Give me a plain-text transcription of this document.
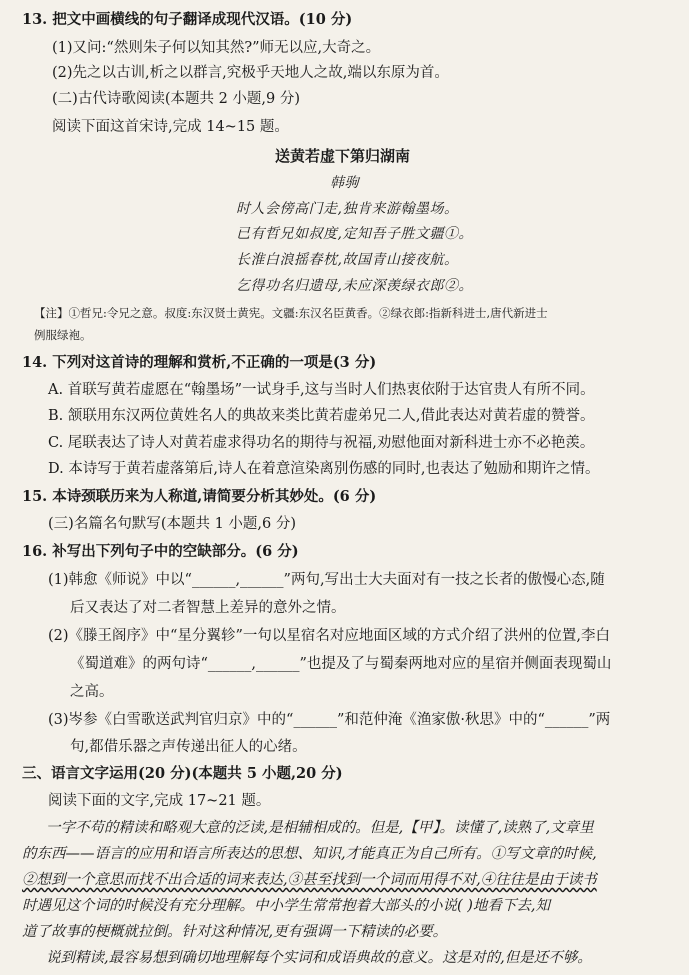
13. 把文中画横线的句子翻译成现代汉语。(10 分)
(1)又问:“然则朱子何以知其然?”师无以应,大奇之。
(2)先之以古训,析之以群言,究极乎天地人之故,端以东原为首。
(二)古代诗歌阅读(本题共 2 小题,9 分)
阅读下面这首宋诗,完成 14~15 题。
送黄若虚下第归湖南
韩驹
时人会傍高门走,独肯来游翰墨场。
已有哲兄如叔度,定知吾子胜文疆①。
长淮白浪摇春枕,故国青山接夜航。
乞得功名归遗母,未应深羡绿衣郎②。
【注】①哲兄:令兄之意。叔度:东汉贤士黄宪。文疆:东汉名臣黄香。②绿衣郎:指新科进士,唐代新进士
例服绿袍。
14. 下列对这首诗的理解和赏析,不正确的一项是(3 分)
A. 首联写黄若虚愿在“翰墨场”一试身手,这与当时人们热衷依附于达官贵人有所不同。
B. 颔联用东汉两位黄姓名人的典故来类比黄若虚弟兄二人,借此表达对黄若虚的赞誉。
C. 尾联表达了诗人对黄若虚求得功名的期待与祝福,劝慰他面对新科进士亦不必艳羡。
D. 本诗写于黄若虚落第后,诗人在着意渲染离别伤感的同时,也表达了勉励和期许之情。
15. 本诗颈联历来为人称道,请简要分析其妙处。(6 分)
(三)名篇名句默写(本题共 1 小题,6 分)
16. 补写出下列句子中的空缺部分。(6 分)
(1)韩愈《师说》中以“______,______”两句,写出士大夫面对有一技之长者的傲慢心态,随
后又表达了对二者智慧上差异的意外之情。
(2)《滕王阁序》中“星分翼轸”一句以星宿名对应地面区域的方式介绍了洪州的位置,李白
《蜀道难》的两句诗“______,______”也提及了与蜀秦两地对应的星宿并侧面表现蜀山
之高。
(3)岑参《白雪歌送武判官归京》中的“______”和范仲淹《渔家傲·秋思》中的“______”两
句,都借乐器之声传递出征人的心绪。
三、语言文字运用(20 分)(本题共 5 小题,20 分)
阅读下面的文字,完成 17~21 题。
一字不苟的精读和略观大意的泛读,是相辅相成的。但是,【甲】。读懂了,读熟了,文章里
的东西——语言的应用和语言所表达的思想、知识,才能真正为自己所有。①写文章的时候,
②想到一个意思而找不出合适的词来表达,③甚至找到一个词而用得不对,④往往是由于读书
时遇见这个词的时候没有充分理解。中小学生常常抱着大部头的小说( )地看下去,知
道了故事的梗概就拉倒。针对这种情况,更有强调一下精读的必要。
说到精读,最容易想到确切地理解每个实词和成语典故的意义。这是对的,但是还不够。
